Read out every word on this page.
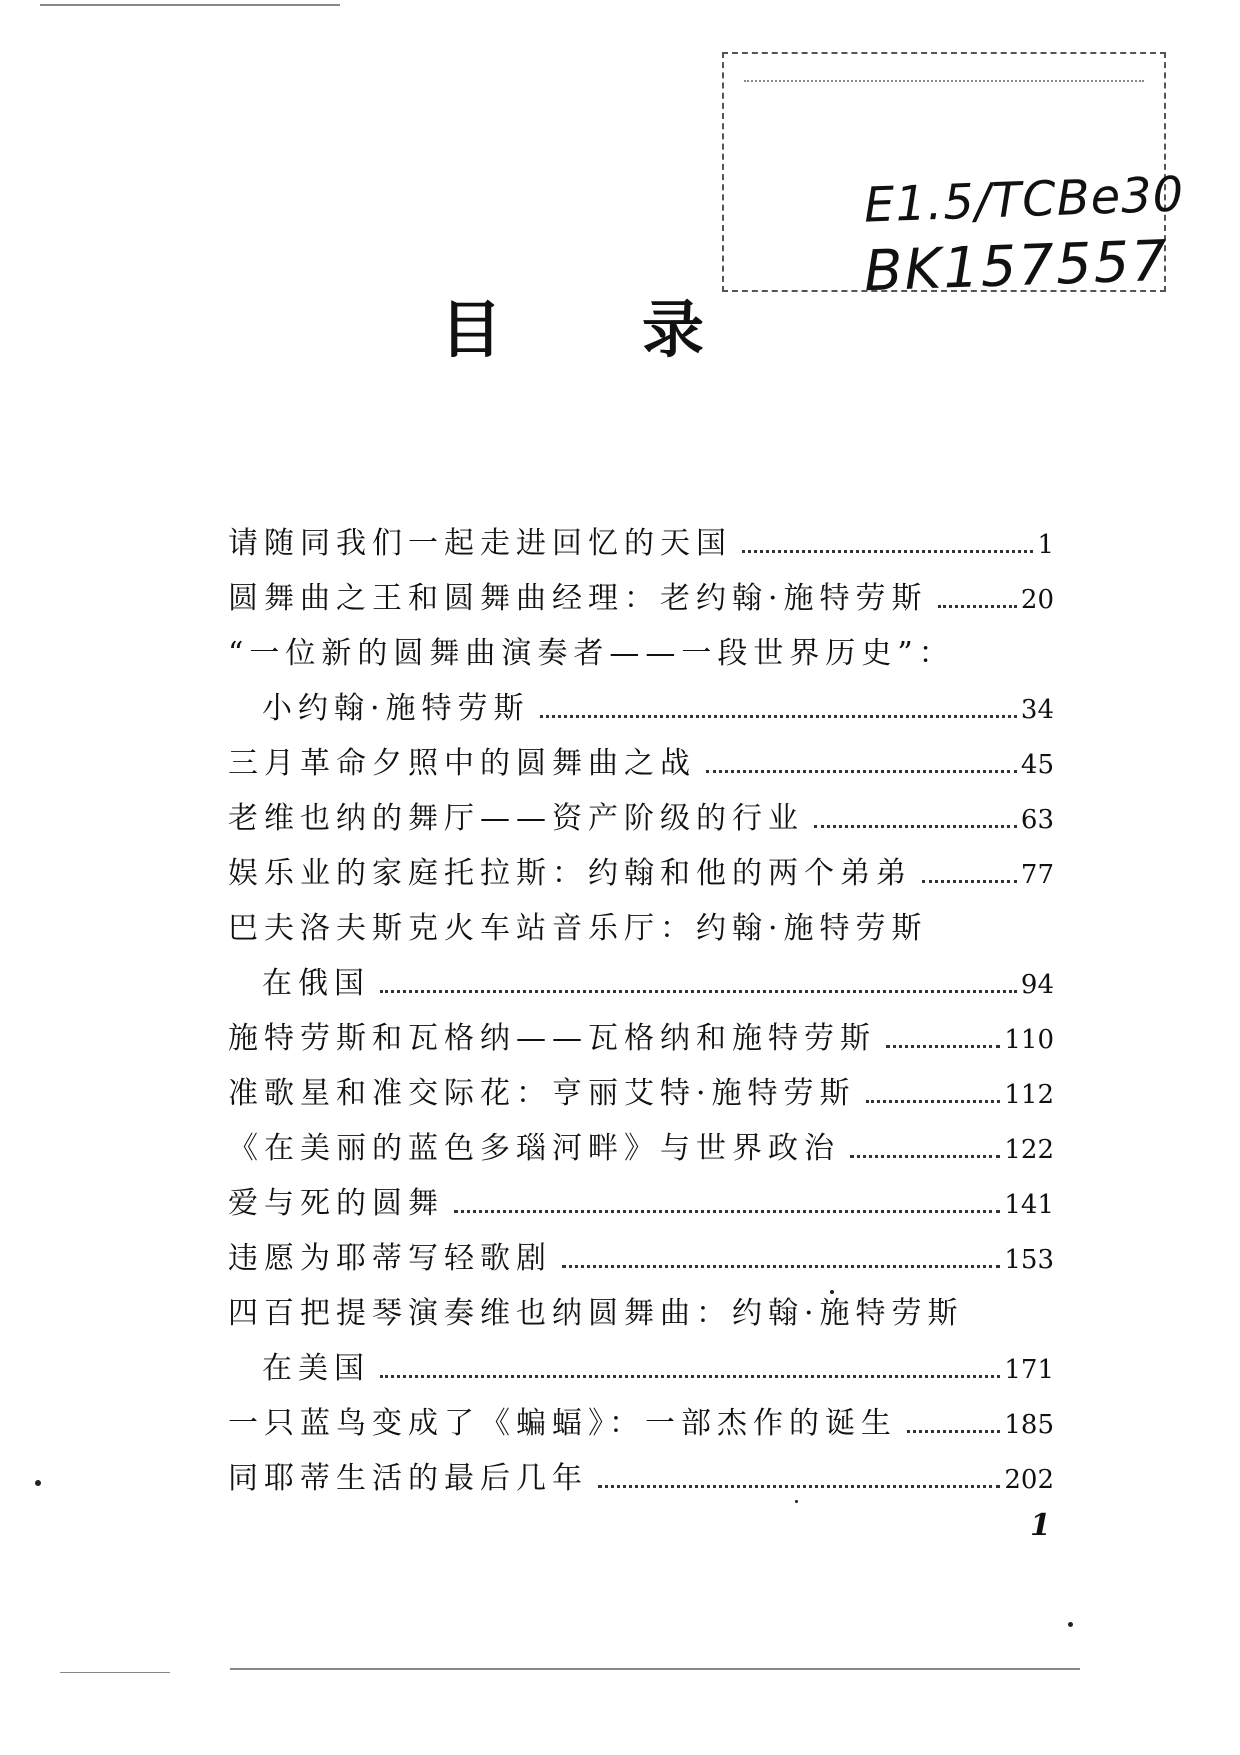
E1.5/TCBe30
BK157557
目 录
请随同我们一起走进回忆的天国	1
圆舞曲之王和圆舞曲经理：老约翰·施特劳斯	20
“一位新的圆舞曲演奏者——一段世界历史”：
小约翰·施特劳斯	34
三月革命夕照中的圆舞曲之战	45
老维也纳的舞厅——资产阶级的行业	63
娱乐业的家庭托拉斯：约翰和他的两个弟弟	77
巴夫洛夫斯克火车站音乐厅：约翰·施特劳斯
在俄国	94
施特劳斯和瓦格纳——瓦格纳和施特劳斯	110
准歌星和准交际花：亨丽艾特·施特劳斯	112
《在美丽的蓝色多瑙河畔》与世界政治	122
爱与死的圆舞	141
违愿为耶蒂写轻歌剧	153
四百把提琴演奏维也纳圆舞曲：约翰·施特劳斯
在美国	171
一只蓝鸟变成了《蝙蝠》：一部杰作的诞生	185
同耶蒂生活的最后几年	202
1
